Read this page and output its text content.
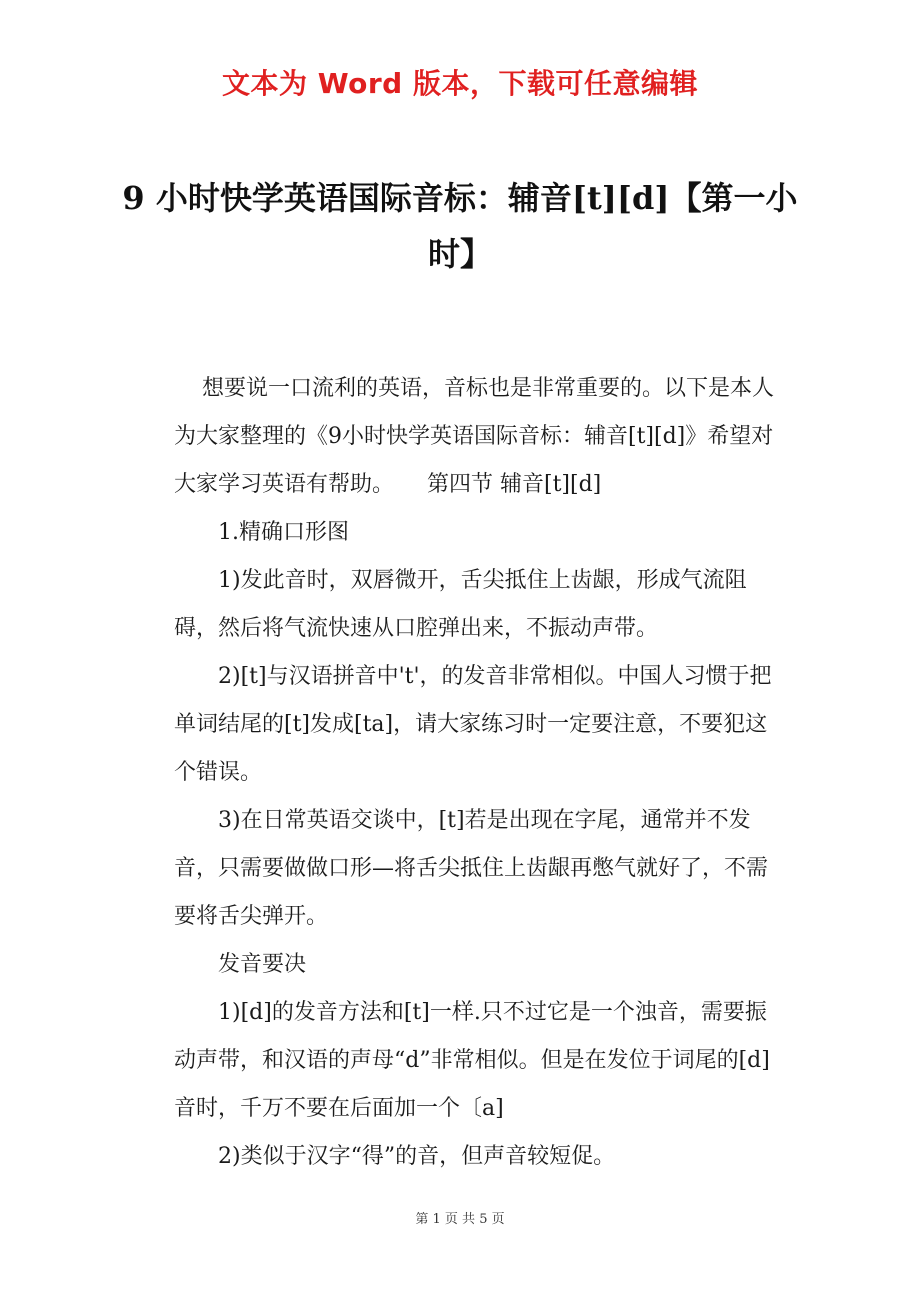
文本为 Word 版本，下载可任意编辑
9 小时快学英语国际音标：辅音[t][d]【第一小时】

想要说一口流利的英语，音标也是非常重要的。以下是本人为大家整理的《9小时快学英语国际音标：辅音[t][d]》希望对大家学习英语有帮助。　　第四节 辅音[t][d]

1.精确口形图

1)发此音时，双唇微开，舌尖抵住上齿龈，形成气流阻碍，然后将气流快速从口腔弹出来，不振动声带。

2)[t]与汉语拼音中't'，的发音非常相似。中国人习惯于把单词结尾的[t]发成[ta]，请大家练习时一定要注意，不要犯这个错误。

3)在日常英语交谈中，[t]若是出现在字尾，通常并不发音，只需要做做口形—将舌尖抵住上齿龈再憋气就好了，不需要将舌尖弹开。

发音要决

1)[d]的发音方法和[t]一样.只不过它是一个浊音，需要振动声带，和汉语的声母“d”非常相似。但是在发位于词尾的[d]音时，千万不要在后面加一个〔a]

2)类似于汉字“得”的音，但声音较短促。

第 1 页 共 5 页
